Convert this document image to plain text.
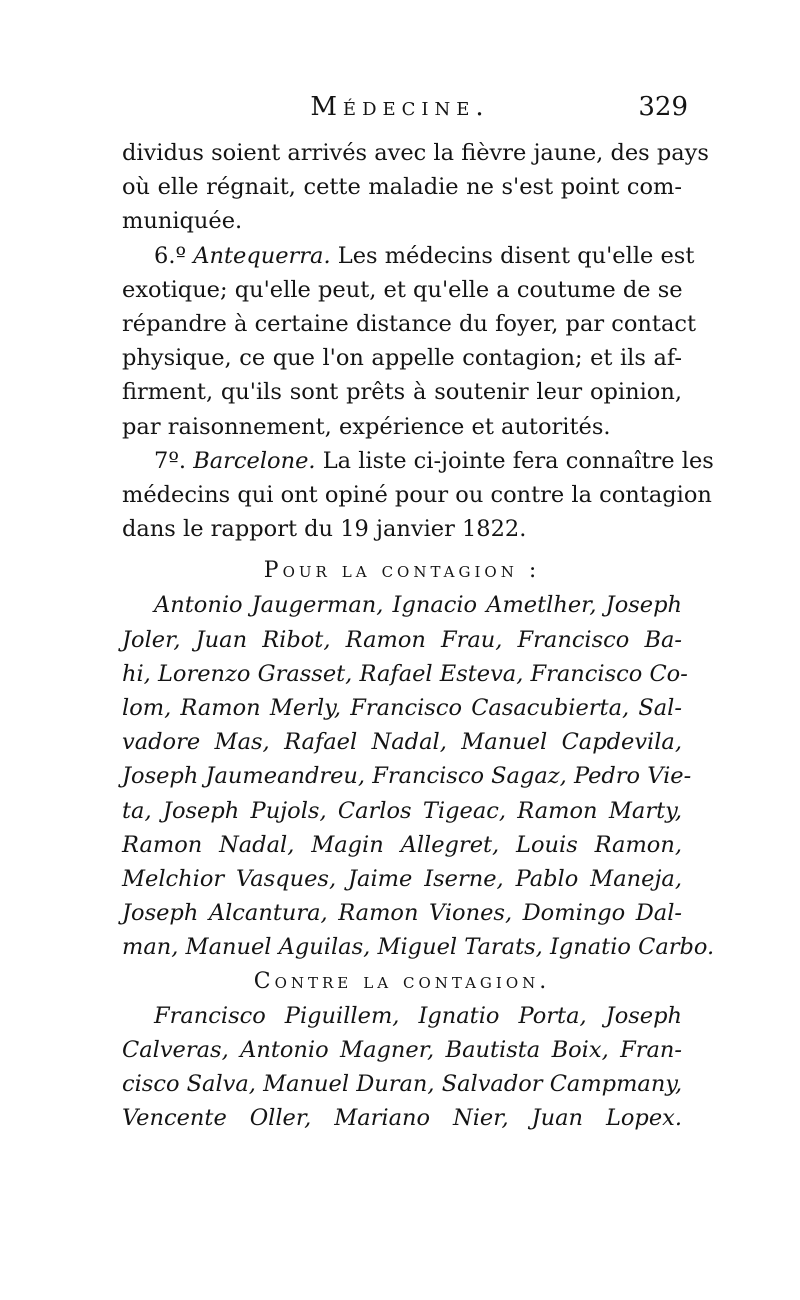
Médecine.	329
dividus soient arrivés avec la fièvre jaune, des pays
où elle régnait, cette maladie ne s'est point com-
muniquée.
6.º Antequerra. Les médecins disent qu'elle est
exotique; qu'elle peut, et qu'elle a coutume de se
répandre à certaine distance du foyer, par contact
physique, ce que l'on appelle contagion; et ils af-
firment, qu'ils sont prêts à soutenir leur opinion,
par raisonnement, expérience et autorités.
7º. Barcelone. La liste ci-jointe fera connaître les
médecins qui ont opiné pour ou contre la contagion
dans le rapport du 19 janvier 1822.
Pour la contagion :
Antonio Jaugerman, Ignacio Ametlher, Joseph
Joler, Juan Ribot, Ramon Frau, Francisco Ba-
hi, Lorenzo Grasset, Rafael Esteva, Francisco Co-
lom, Ramon Merly, Francisco Casacubierta, Sal-
vadore Mas, Rafael Nadal, Manuel Capdevila,
Joseph Jaumeandreu, Francisco Sagaz, Pedro Vie-
ta, Joseph Pujols, Carlos Tigeac, Ramon Marty,
Ramon Nadal, Magin Allegret, Louis Ramon,
Melchior Vasques, Jaime Iserne, Pablo Maneja,
Joseph Alcantura, Ramon Viones, Domingo Dal-
man, Manuel Aguilas, Miguel Tarats, Ignatio Carbo.
Contre la contagion.
Francisco Piguillem, Ignatio Porta, Joseph
Calveras, Antonio Magner, Bautista Boix, Fran-
cisco Salva, Manuel Duran, Salvador Campmany,
Vencente Oller, Mariano Nier, Juan Lopex.
